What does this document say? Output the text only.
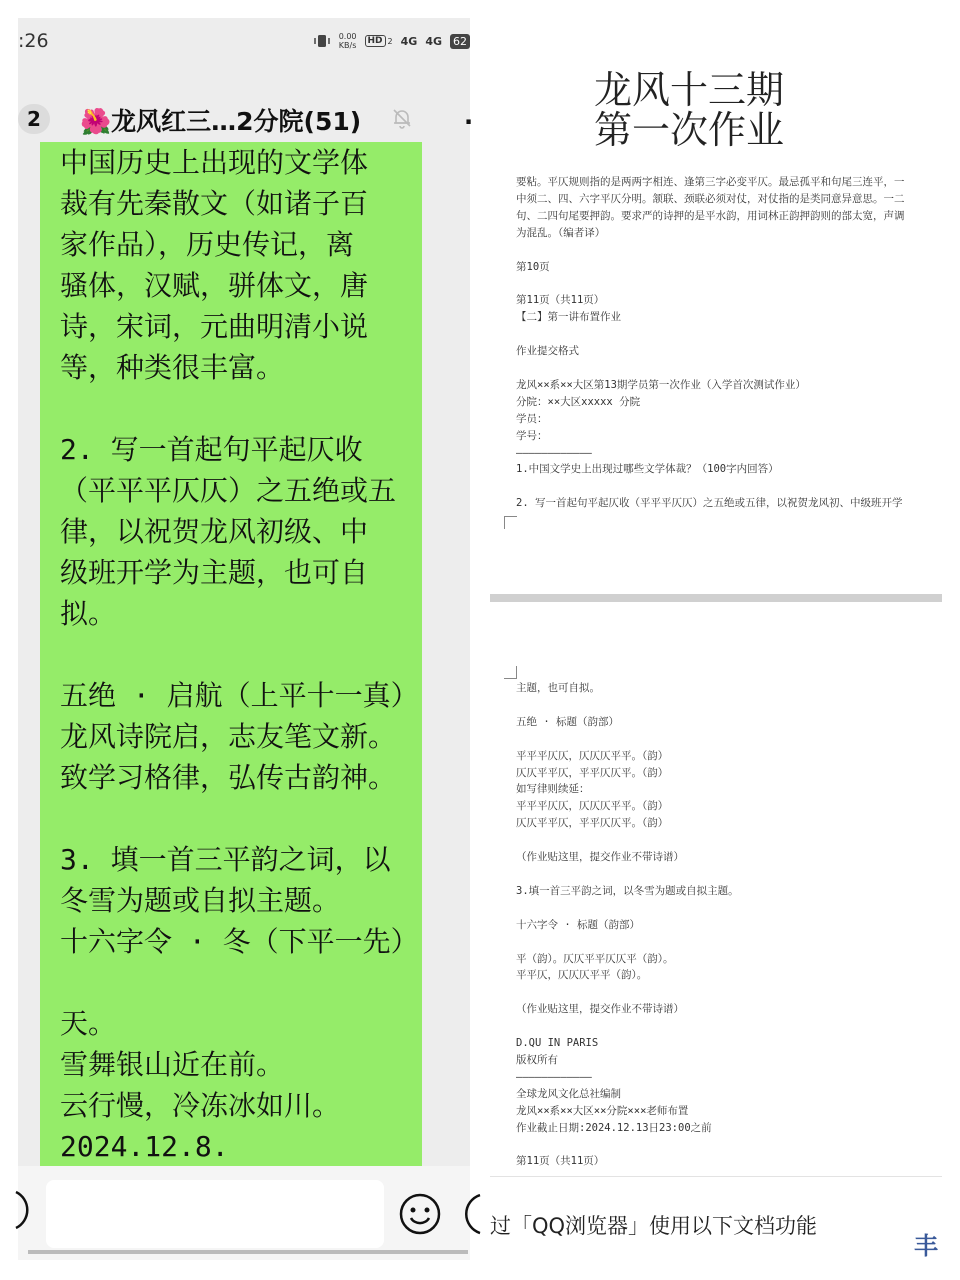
:26	0.00
KB/s	HD 2 4G 4G 62
2	🌺龙风红三…2分院(51)	·
中国历史上出现的文学体
裁有先秦散文（如诸子百
家作品），历史传记，离
骚体，汉赋，骈体文，唐
诗，宋词，元曲明清小说
等，种类很丰富。

2. 写一首起句平起仄收
（平平平仄仄）之五绝或五
律，以祝贺龙风初级、中
级班开学为主题，也可自
拟。

五绝 · 启航（上平十一真）
龙风诗院启，志友笔文新。
致学习格律，弘传古韵神。

3. 填一首三平韵之词，以
冬雪为题或自拟主题。
十六字令 · 冬（下平一先）

天。
雪舞银山近在前。
云行慢，冷冻冰如川。
2024.12.8.
龙风十三期
第一次作业
要粘。平仄规则指的是两两字相连、逢第三字必变平仄。最忌孤平和句尾三连平，一
中须二、四、六字平仄分明。颔联、颈联必须对仗，对仗指的是类同意异意思。一二
句、二四句尾要押韵。要求严的诗押的是平水韵，用词林正韵押韵则的部太宽，声调
为混乱。（编者译）

第10页

第11页（共11页）
【二】第一讲布置作业

作业提交格式

龙风××系××大区第13期学员第一次作业（入学首次测试作业）
分院：××大区xxxxx 分院
学员：
学号：
————————————
1.中国文学史上出现过哪些文学体裁？（100字内回答）

2. 写一首起句平起仄收（平平平仄仄）之五绝或五律，以祝贺龙风初、中级班开学
主题，也可自拟。

五绝 · 标题（韵部）

平平平仄仄，仄仄仄平平。（韵）
仄仄平平仄，平平仄仄平。（韵）
如写律则续延：
平平平仄仄，仄仄仄平平。（韵）
仄仄平平仄，平平仄仄平。（韵）

（作业贴这里，提交作业不带诗谱）

3.填一首三平韵之词，以冬雪为题或自拟主题。

十六字令 · 标题（韵部）

平（韵）。仄仄平平仄仄平（韵）。
平平仄，仄仄仄平平（韵）。

（作业贴这里，提交作业不带诗谱）

D.QU IN PARIS
版权所有
————————————
全球龙风文化总社编制
龙风××系××大区××分院×××老师布置
作业截止日期:2024.12.13日23:00之前

第11页（共11页）
过「QQ浏览器」使用以下文档功能
丰
